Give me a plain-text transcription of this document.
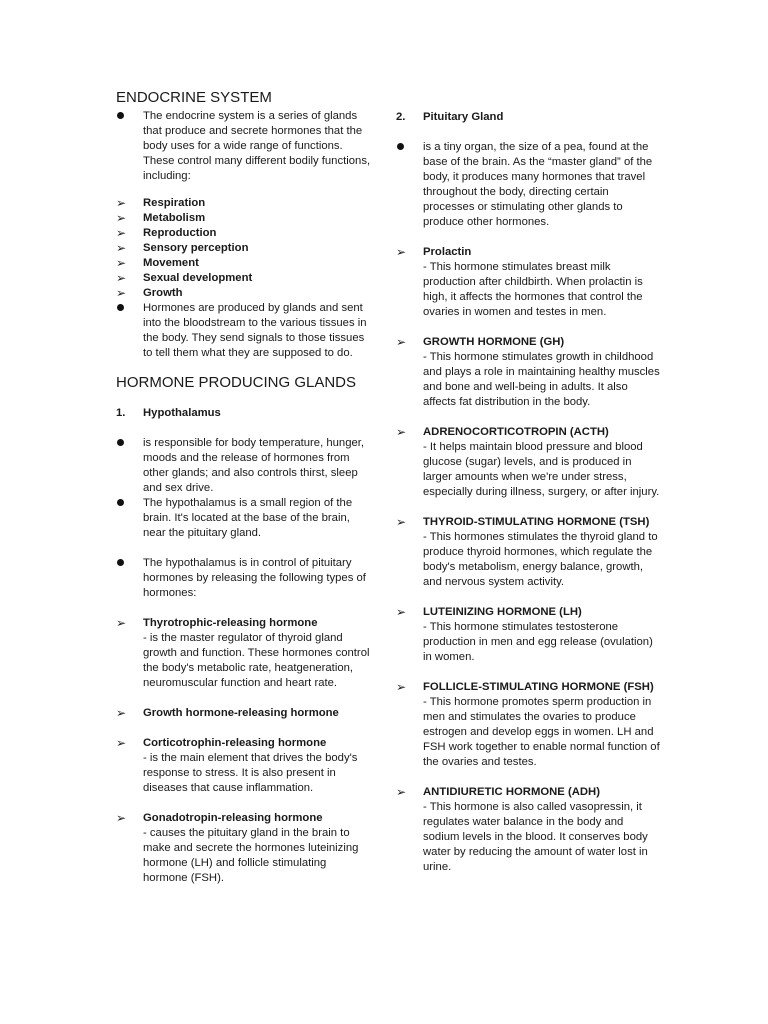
ENDOCRINE SYSTEM
The endocrine system is a series of glands that produce and secrete hormones that the body uses for a wide range of functions. These control many different bodily functions, including:
➢	Respiration
➢	Metabolism
➢	Reproduction
➢	Sensory perception
➢	Movement
➢	Sexual development
➢	Growth
Hormones are produced by glands and sent into the bloodstream to the various tissues in the body. They send signals to those tissues to tell them what they are supposed to do.
HORMONE PRODUCING GLANDS
1.	Hypothalamus
is responsible for body temperature, hunger, moods and the release of hormones from other glands; and also controls thirst, sleep and sex drive.
The hypothalamus is a small region of the brain. It's located at the base of the brain, near the pituitary gland.
The hypothalamus is in control of pituitary hormones by releasing the following types of hormones:
➢	Thyrotrophic-releasing hormone
- is the master regulator of thyroid gland growth and function. These hormones control the body's metabolic rate, heatgeneration, neuromuscular function and heart rate.
➢	Growth hormone-releasing hormone
➢	Corticotrophin-releasing hormone
- is the main element that drives the body's response to stress. It is also present in diseases that cause inflammation.
➢	Gonadotropin-releasing hormone
- causes the pituitary gland in the brain to make and secrete the hormones luteinizing hormone (LH) and follicle stimulating hormone (FSH).
2.	Pituitary Gland
is a tiny organ, the size of a pea, found at the base of the brain. As the “master gland” of the body, it produces many hormones that travel throughout the body, directing certain processes or stimulating other glands to produce other hormones.
➢	Prolactin
- This hormone stimulates breast milk production after childbirth. When prolactin is high, it affects the hormones that control the ovaries in women and testes in men.
➢	GROWTH HORMONE (GH)
- This hormone stimulates growth in childhood and plays a role in maintaining healthy muscles and bone and well-being in adults. It also affects fat distribution in the body.
➢	ADRENOCORTICOTROPIN (ACTH)
- It helps maintain blood pressure and blood glucose (sugar) levels, and is produced in larger amounts when we're under stress, especially during illness, surgery, or after injury.
➢	THYROID-STIMULATING HORMONE (TSH)
- This hormones stimulates the thyroid gland to produce thyroid hormones, which regulate the body's metabolism, energy balance, growth, and nervous system activity.
➢	LUTEINIZING HORMONE (LH)
- This hormone stimulates testosterone production in men and egg release (ovulation) in women.
➢	FOLLICLE-STIMULATING HORMONE (FSH)
- This hormone promotes sperm production in men and stimulates the ovaries to produce estrogen and develop eggs in women. LH and FSH work together to enable normal function of the ovaries and testes.
➢	ANTIDIURETIC HORMONE (ADH)
- This hormone is also called vasopressin, it regulates water balance in the body and sodium levels in the blood. It conserves body water by reducing the amount of water lost in urine.
